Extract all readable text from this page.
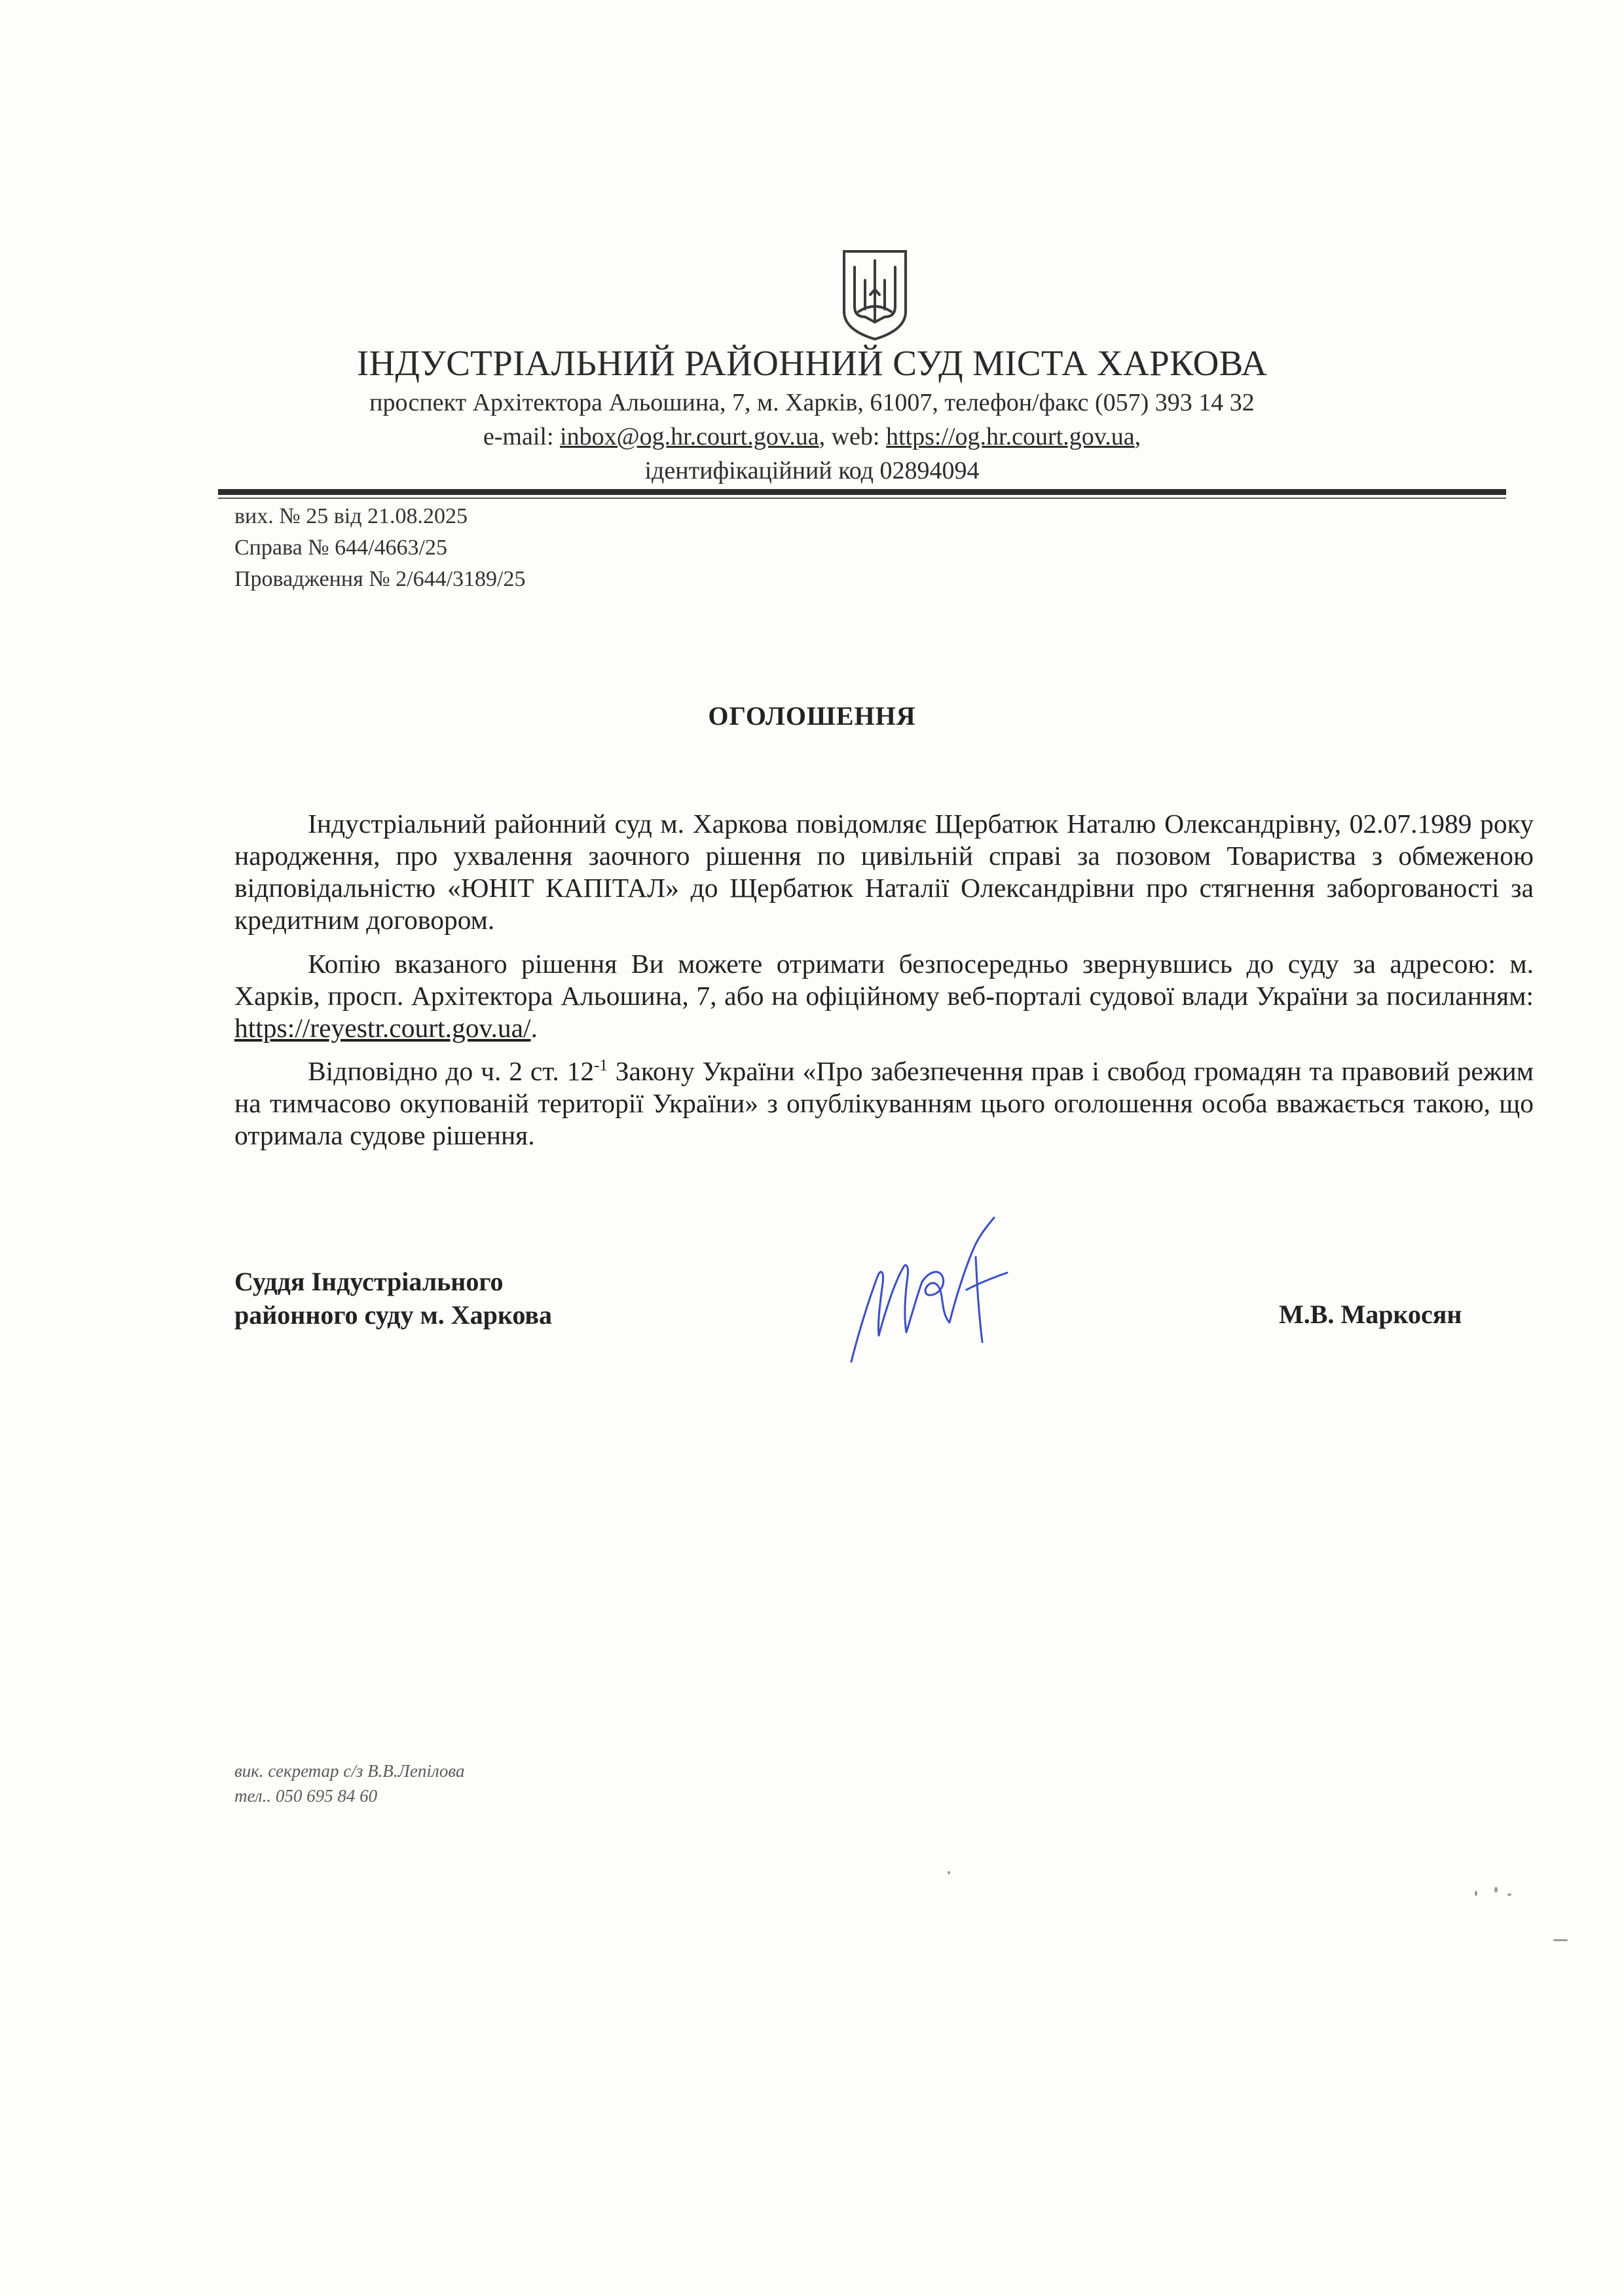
ІНДУСТРІАЛЬНИЙ РАЙОННИЙ СУД МІСТА ХАРКОВА
проспект Архітектора Альошина, 7, м. Харків, 61007, телефон/факс (057) 393 14 32
e-mail: inbox@og.hr.court.gov.ua, web: https://og.hr.court.gov.ua,
ідентифікаційний код 02894094
вих. № 25 від 21.08.2025
Справа № 644/4663/25
Провадження № 2/644/3189/25
ОГОЛОШЕННЯ

Індустріальний районний суд м. Харкова повідомляє Щербатюк Наталю Олександрівну, 02.07.1989 року народження, про ухвалення заочного рішення по цивільній справі за позовом Товариства з обмеженою відповідальністю «ЮНІТ КАПІТАЛ» до Щербатюк Наталії Олександрівни про стягнення заборгованості за кредитним договором.

Копію вказаного рішення Ви можете отримати безпосередньо звернувшись до суду за адресою: м. Харків, просп. Архітектора Альошина, 7, або на офіційному веб-порталі судової влади України за посиланням: https://reyestr.court.gov.ua/.

Відповідно до ч. 2 ст. $12^{-1}$ Закону України «Про забезпечення прав і свобод громадян та правовий режим на тимчасово окупованій території України» з опублікуванням цього оголошення особа вважається такою, що отримала судове рішення.

Суддя Індустріального
районного суду м. Харкова	М.В. Маркосян
вик. секретар с/з В.В.Лепілова
тел.. 050 695 84 60
